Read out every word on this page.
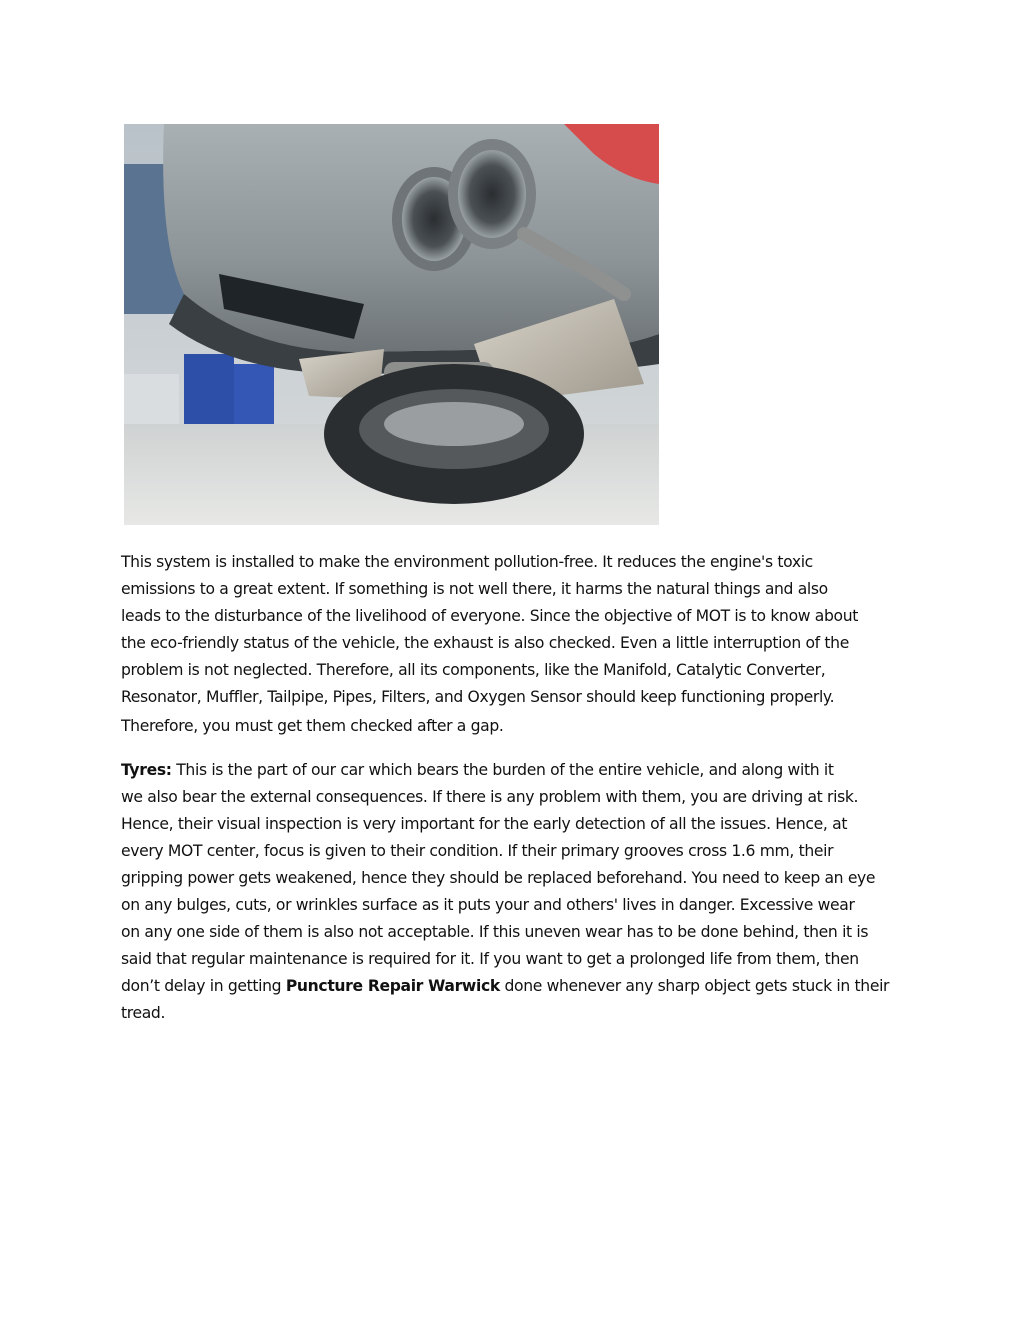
This system is installed to make the environment pollution-free. It reduces the engine's toxic
emissions to a great extent. If something is not well there, it harms the natural things and also
leads to the disturbance of the livelihood of everyone. Since the objective of MOT is to know about
the eco-friendly status of the vehicle, the exhaust is also checked. Even a little interruption of the
problem is not neglected. Therefore, all its components, like the Manifold, Catalytic Converter,
Resonator, Muffler, Tailpipe, Pipes, Filters, and Oxygen Sensor should keep functioning properly.
Therefore, you must get them checked after a gap.
Tyres: This is the part of our car which bears the burden of the entire vehicle, and along with it
we also bear the external consequences. If there is any problem with them, you are driving at risk.
Hence, their visual inspection is very important for the early detection of all the issues. Hence, at
every MOT center, focus is given to their condition. If their primary grooves cross 1.6 mm, their
gripping power gets weakened, hence they should be replaced beforehand. You need to keep an eye
on any bulges, cuts, or wrinkles surface as it puts your and others' lives in danger. Excessive wear
on any one side of them is also not acceptable. If this uneven wear has to be done behind, then it is
said that regular maintenance is required for it. If you want to get a prolonged life from them, then
don’t delay in getting Puncture Repair Warwick done whenever any sharp object gets stuck in their
tread.
